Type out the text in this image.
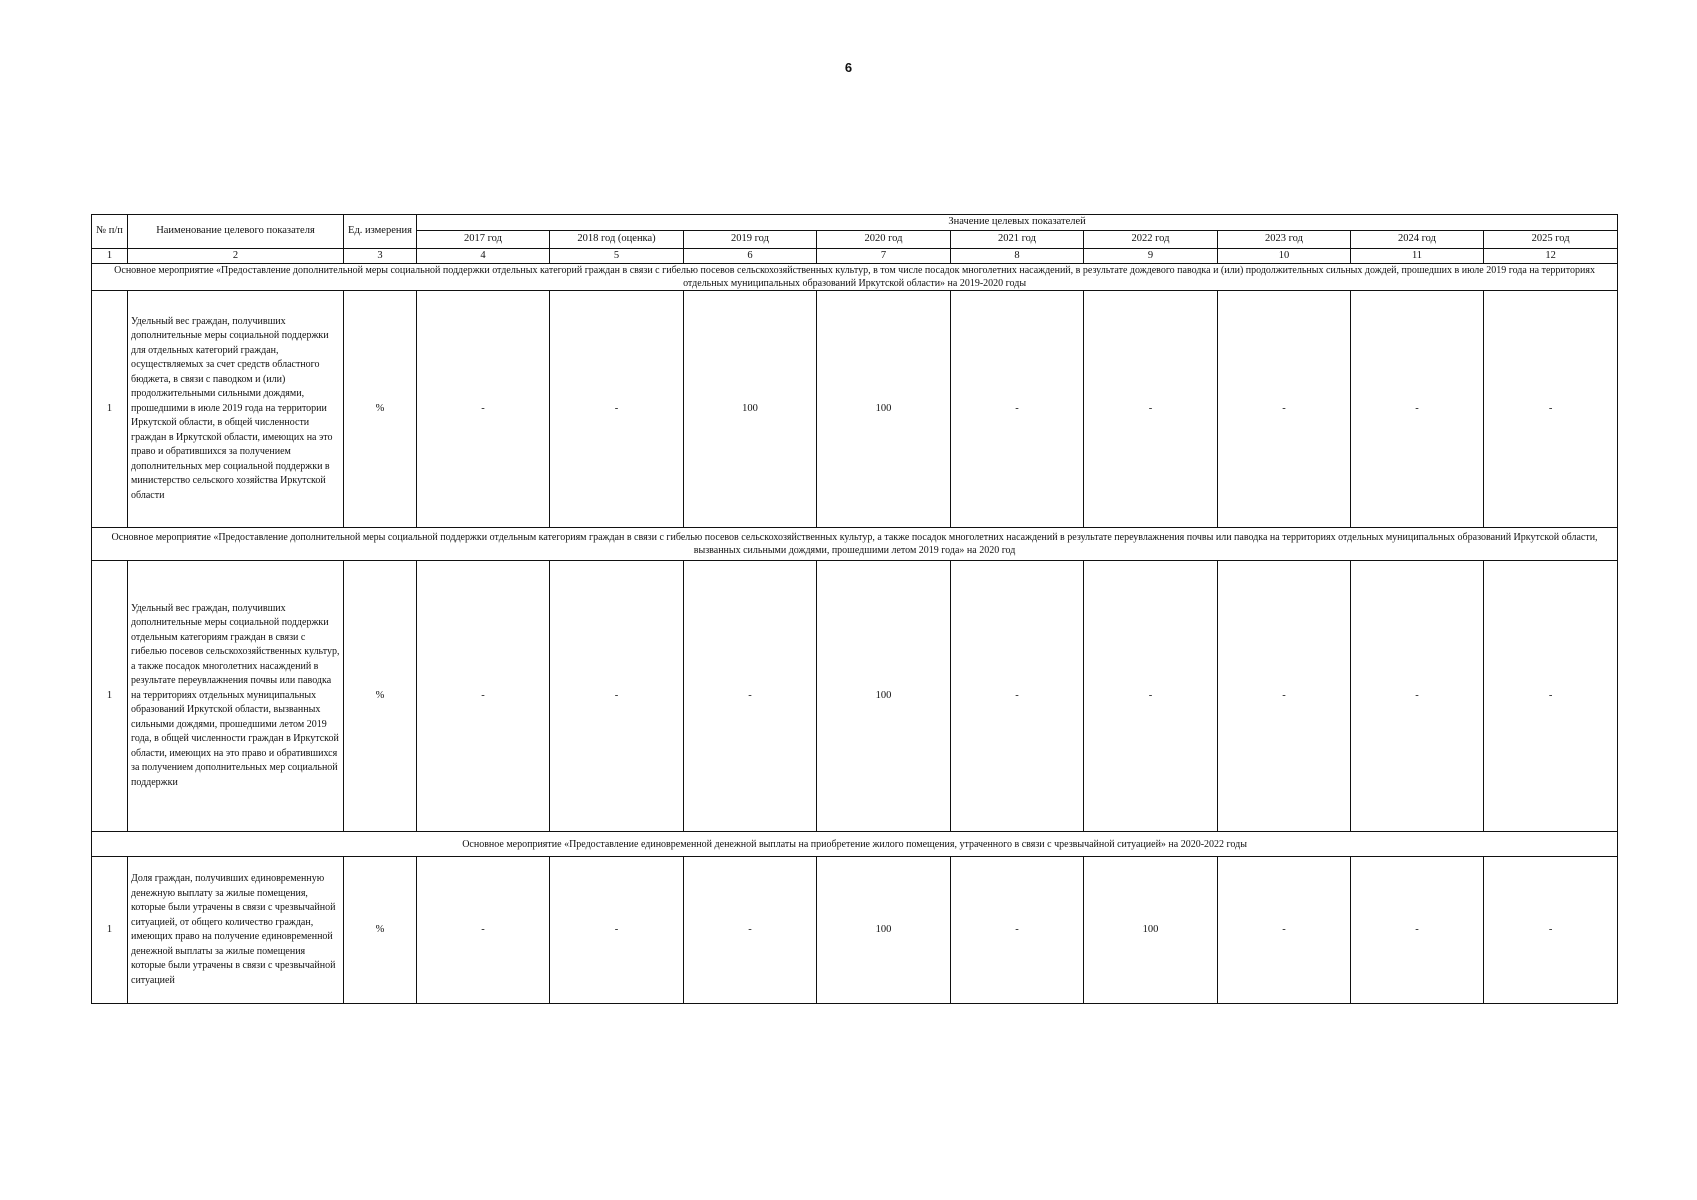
6
№ п/п	Наименование целевого показателя	Ед. измерения	Значение целевых показателей								
			2017 год	2018 год (оценка)	2019 год	2020 год	2021 год	2022 год	2023 год	2024 год	2025 год
1	2	3	4	5	6	7	8	9	10	11	12
Основное мероприятие «Предоставление дополнительной меры социальной поддержки отдельных категорий граждан в связи с гибелью посевов сельскохозяйственных культур, в том числе посадок многолетних насаждений, в результате дождевого паводка и (или) продолжительных сильных дождей, прошедших в июле 2019 года на территориях отдельных муниципальных образований Иркутской области» на 2019-2020 годы											
1	Удельный вес граждан, получивших дополнительные меры социальной поддержки для отдельных категорий граждан, осуществляемых за счет средств областного бюджета, в связи с паводком и (или) продолжительными сильными дождями, прошедшими в июле 2019 года на территории Иркутской области, в общей численности граждан в Иркутской области, имеющих на это право и обратившихся за получением дополнительных мер социальной поддержки в министерство сельского хозяйства Иркутской области	%	-	-	100	100	-	-	-	-	-
Основное мероприятие «Предоставление дополнительной меры социальной поддержки отдельным категориям граждан в связи с гибелью посевов сельскохозяйственных культур, а также посадок многолетних насаждений в результате переувлажнения почвы или паводка на территориях отдельных муниципальных образований Иркутской области, вызванных сильными дождями, прошедшими летом 2019 года» на 2020 год											
1	Удельный вес граждан, получивших дополнительные меры социальной поддержки отдельным категориям граждан в связи с гибелью посевов сельскохозяйственных культур, а также посадок многолетних насаждений в результате переувлажнения почвы или паводка на территориях отдельных муниципальных образований Иркутской области, вызванных сильными дождями, прошедшими летом 2019 года, в общей численности граждан в Иркутской области, имеющих на это право и обратившихся за получением дополнительных мер социальной поддержки	%	-	-	-	100	-	-	-	-	-
Основное мероприятие «Предоставление единовременной денежной выплаты на приобретение жилого помещения, утраченного в связи с чрезвычайной ситуацией» на 2020-2022 годы											
1	Доля граждан, получивших единовременную денежную выплату за жилые помещения, которые были утрачены в связи с чрезвычайной ситуацией, от общего количество граждан, имеющих право на получение единовременной денежной выплаты за жилые помещения которые были утрачены в связи с чрезвычайной ситуацией	%	-	-	-	100	-	100	-	-	-
